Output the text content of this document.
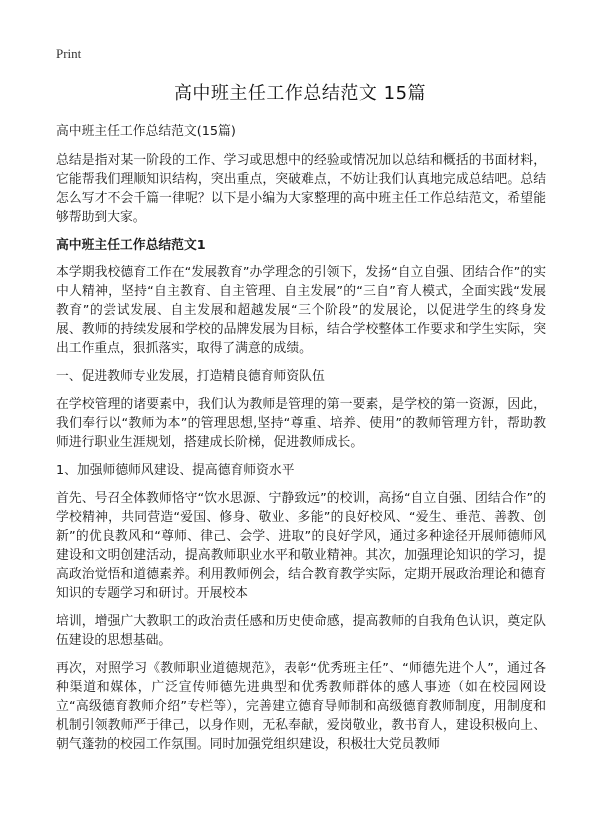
Print
高中班主任工作总结范文 15篇

高中班主任工作总结范文(15篇)

总结是指对某一阶段的工作、学习或思想中的经验或情况加以总结和概括的书面材料，它能帮我们理顺知识结构，突出重点，突破难点，不妨让我们认真地完成总结吧。总结怎么写才不会千篇一律呢？以下是小编为大家整理的高中班主任工作总结范文，希望能够帮助到大家。

高中班主任工作总结范文1

本学期我校德育工作在“发展教育”办学理念的引领下，发扬“自立自强、团结合作”的实中人精神，坚持“自主教育、自主管理、自主发展”的“三自”育人模式，全面实践“发展教育”的尝试发展、自主发展和超越发展“三个阶段”的发展论，以促进学生的终身发展、教师的持续发展和学校的品牌发展为目标，结合学校整体工作要求和学生实际，突出工作重点，狠抓落实，取得了满意的成绩。

一、促进教师专业发展，打造精良德育师资队伍

在学校管理的诸要素中，我们认为教师是管理的第一要素，是学校的第一资源，因此，我们奉行以“教师为本”的管理思想,坚持“尊重、培养、使用”的教师管理方针，帮助教师进行职业生涯规划，搭建成长阶梯，促进教师成长。

1、加强师德师风建设、提高德育师资水平

首先、号召全体教师恪守“饮水思源、宁静致远”的校训，高扬“自立自强、团结合作”的学校精神，共同营造“爱国、修身、敬业、多能”的良好校风、“爱生、垂范、善教、创新”的优良教风和“尊师、律己、会学、进取”的良好学风，通过多种途径开展师德师风建设和文明创建活动，提高教师职业水平和敬业精神。其次，加强理论知识的学习，提高政治觉悟和道德素养。利用教师例会，结合教育教学实际，定期开展政治理论和德育知识的专题学习和研讨。开展校本

培训，增强广大教职工的政治责任感和历史使命感，提高教师的自我角色认识，奠定队伍建设的思想基础。

再次，对照学习《教师职业道德规范》，表彰“优秀班主任”、“师德先进个人”，通过各种渠道和媒体，广泛宣传师德先进典型和优秀教师群体的感人事迹（如在校园网设立“高级德育教师介绍”专栏等），完善建立德育导师制和高级德育教师制度，用制度和机制引领教师严于律己，以身作则，无私奉献，爱岗敬业，教书育人，建设积极向上、朝气蓬勃的校园工作氛围。同时加强党组织建设，积极壮大党员教师
